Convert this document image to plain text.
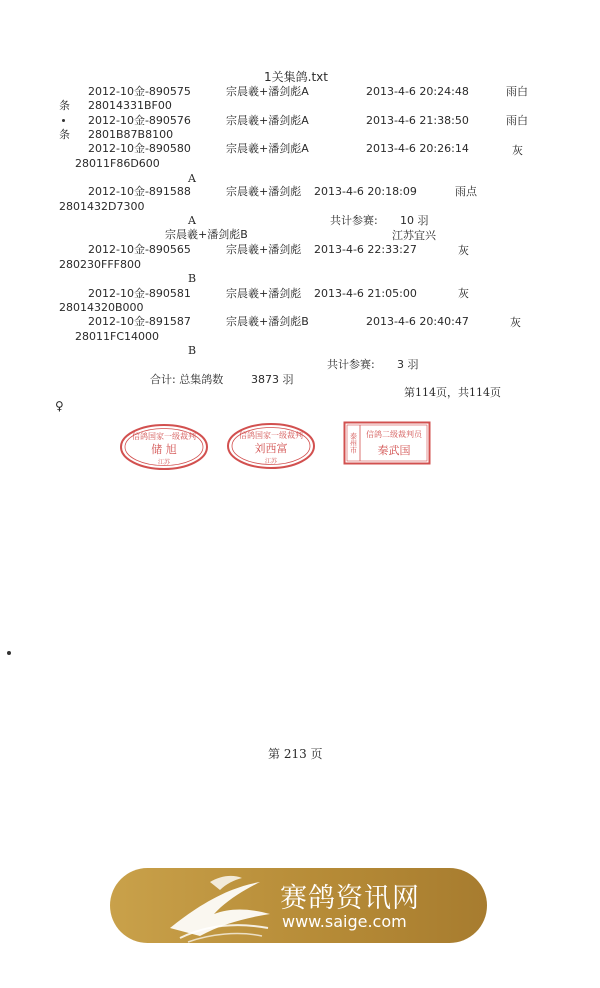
1关集鸽.txt
2012-10金-890575	宗晨羲+潘剑彪A	2013-4-6 20:24:48	雨白
条 28014331BF00
2012-10金-890576	宗晨羲+潘剑彪A	2013-4-6 21:38:50	雨白
条 2801B87B8100
2012-10金-890580	宗晨羲+潘剑彪A	2013-4-6 20:26:14	灰
28011F86D600
A
2012-10金-891588	宗晨羲+潘剑彪 2013-4-6 20:18:09	雨点
2801432D7300
A	共计参赛: 10 羽
宗晨羲+潘剑彪B	江苏宜兴
2012-10金-890565	宗晨羲+潘剑彪 2013-4-6 22:33:27	灰
280230FFF800
B
2012-10金-890581	宗晨羲+潘剑彪 2013-4-6 21:05:00	灰
28014320B000
2012-10金-891587	宗晨羲+潘剑彪B	2013-4-6 20:40:47	灰
28011FC14000
B
共计参赛: 3 羽
合计: 总集鸽数	3873 羽
第114页，共114页
♀
信鸽国家一级裁判
储 旭
江苏
信鸽国家一级裁判
刘西富
江苏
泰州市 信鸽二级裁判员
秦武国
第 213 页
赛鸽资讯网
www.saige.com
